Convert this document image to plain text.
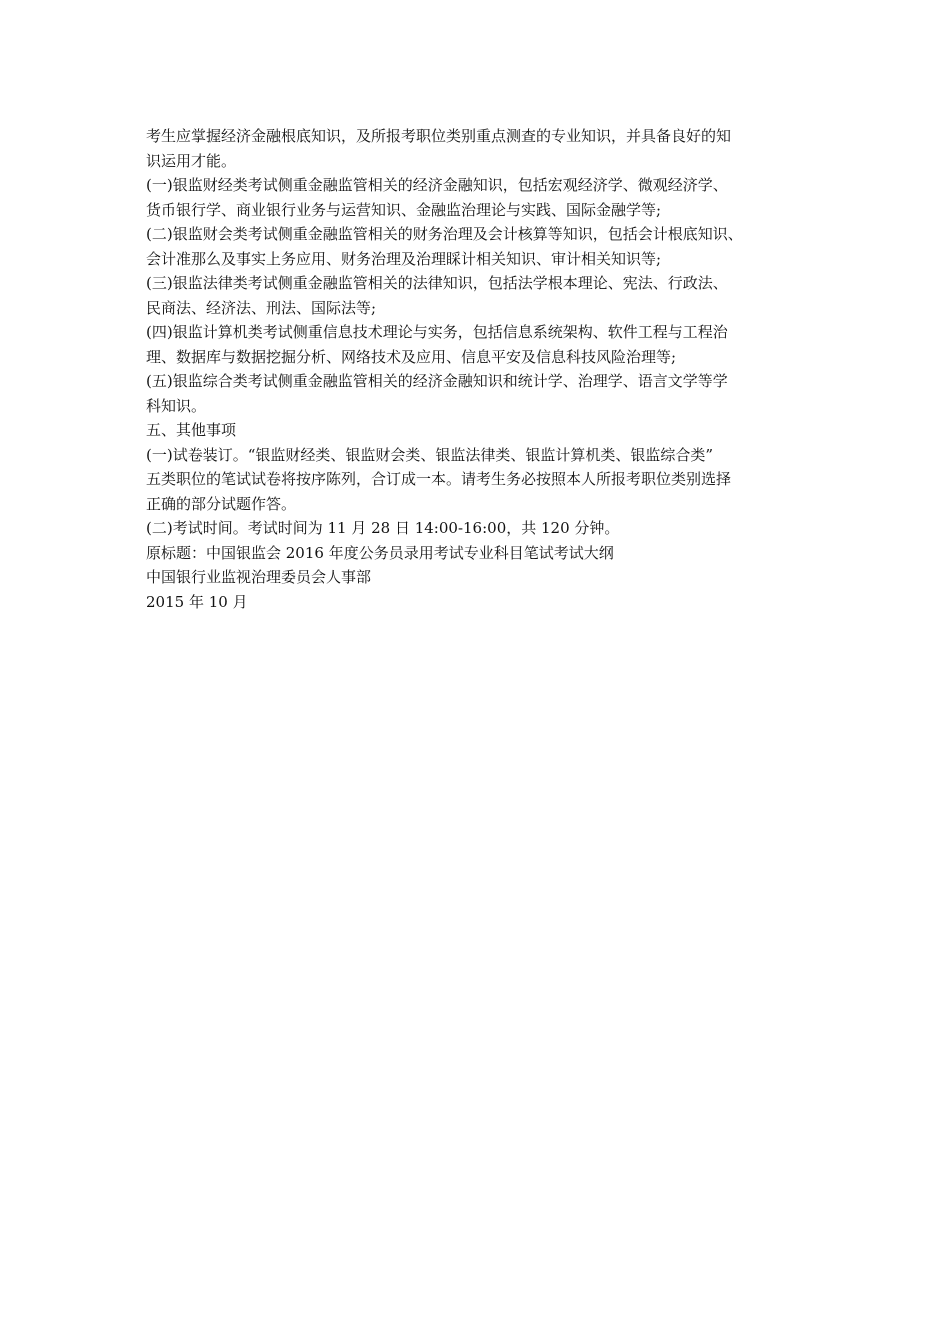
考生应掌握经济金融根底知识，及所报考职位类别重点测查的专业知识，并具备良好的知
识运用才能。
(一)银监财经类考试侧重金融监管相关的经济金融知识，包括宏观经济学、微观经济学、
货币银行学、商业银行业务与运营知识、金融监治理论与实践、国际金融学等;
(二)银监财会类考试侧重金融监管相关的财务治理及会计核算等知识，包括会计根底知识、
会计准那么及事实上务应用、财务治理及治理睬计相关知识、审计相关知识等;
(三)银监法律类考试侧重金融监管相关的法律知识，包括法学根本理论、宪法、行政法、
民商法、经济法、刑法、国际法等;
(四)银监计算机类考试侧重信息技术理论与实务，包括信息系统架构、软件工程与工程治
理、数据库与数据挖掘分析、网络技术及应用、信息平安及信息科技风险治理等;
(五)银监综合类考试侧重金融监管相关的经济金融知识和统计学、治理学、语言文学等学
科知识。
五、其他事项
(一)试卷装订。“银监财经类、银监财会类、银监法律类、银监计算机类、银监综合类”
五类职位的笔试试卷将按序陈列，合订成一本。请考生务必按照本人所报考职位类别选择
正确的部分试题作答。
(二)考试时间。考试时间为 11 月 28 日 14:00-16:00，共 120 分钟。
原标题：中国银监会 2016 年度公务员录用考试专业科目笔试考试大纲
中国银行业监视治理委员会人事部
2015 年 10 月
